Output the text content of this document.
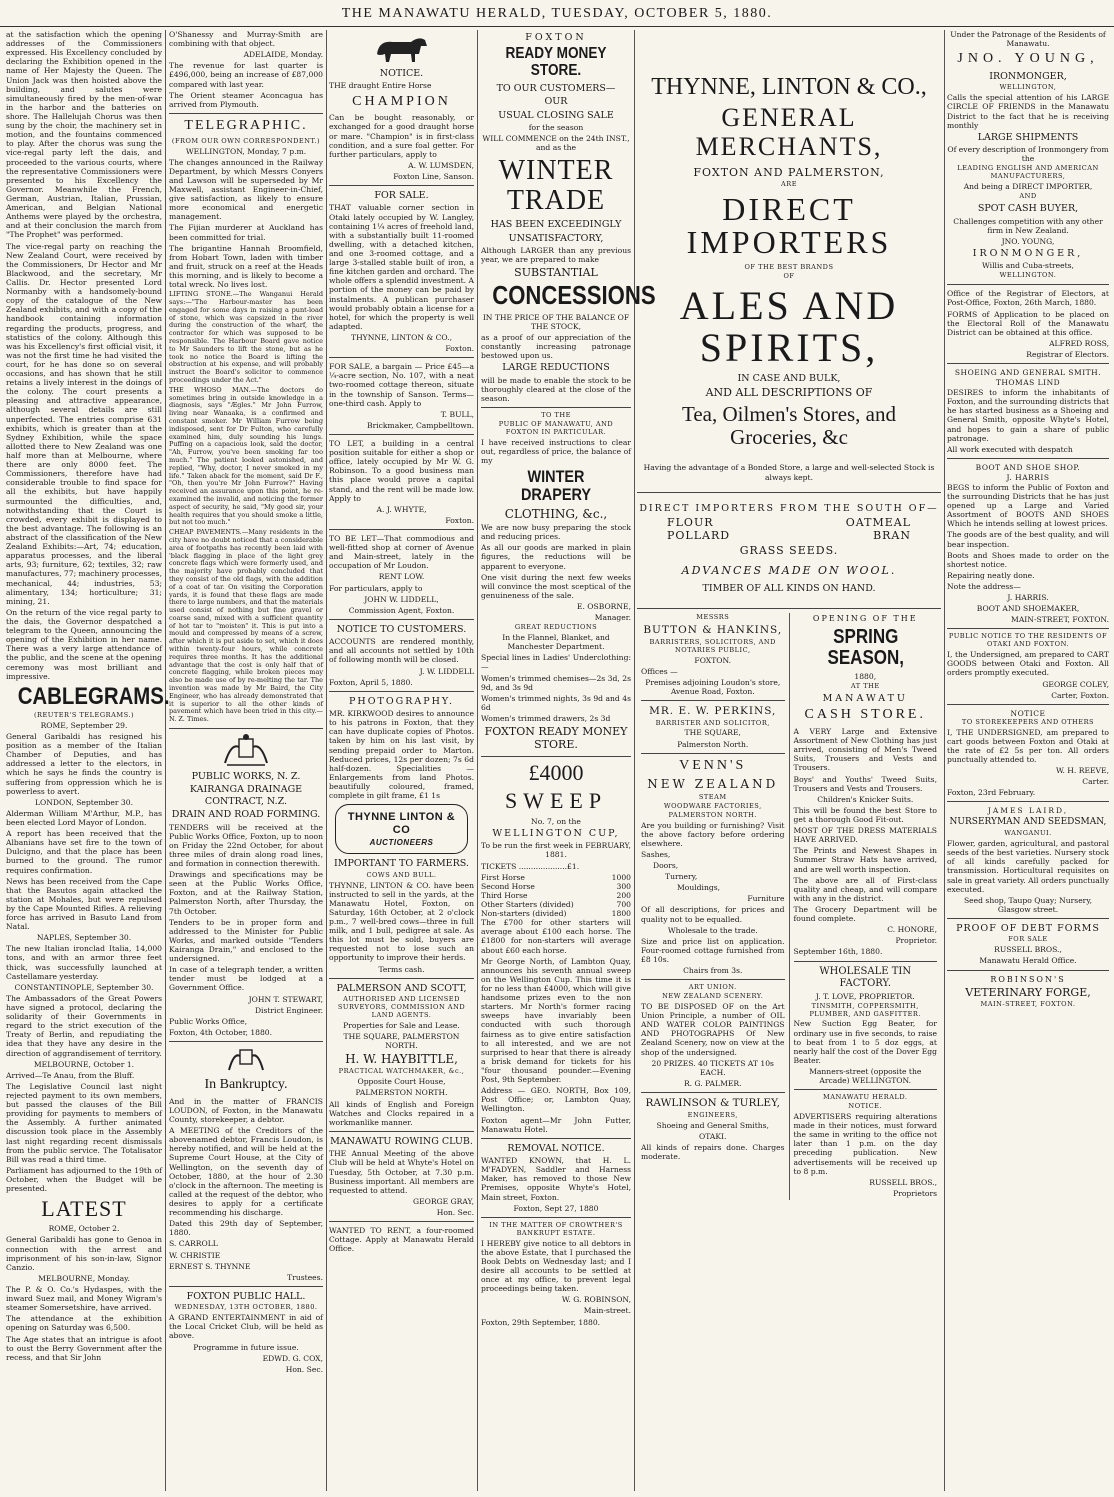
THE MANAWATU HERALD, TUESDAY, OCTOBER 5, 1880.

at the satisfaction which the opening addresses of the Commissioners expressed. His Excellency concluded by declaring the Exhibition opened in the name of Her Majesty the Queen. The Union Jack was then hoisted above the building, and salutes were simultaneously fired by the men-of-war in the harbor and the batteries on shore. The Hallelujah Chorus was then sung by the choir, the machinery set in motion, and the fountains commenced to play. After the chorus was sung the vice-regal party left the dais, and proceeded to the various courts, where the representative Commissioners were presented to his Excellency the Governor. Meanwhile the French, German, Austrian, Italian, Prussian, American, and Belgian National Anthems were played by the orchestra, and at their conclusion the march from "The Prophet" was performed.

The vice-regal party on reaching the New Zealand Court, were received by the Commissioners, Dr Hector and Mr Blackwood, and the secretary, Mr Callis. Dr. Hector presented Lord Normanby with a handsomely-bound copy of the catalogue of the New Zealand exhibits, and with a copy of the handbook containing information regarding the products, progress, and statistics of the colony. Although this was his Excellency's first official visit, it was not the first time he had visited the court, for he has done so on several occasions, and has shown that he still retains a lively interest in the doings of the colony. The court presents a pleasing and attractive appearance, although several details are still unperfected. The entries comprise 631 exhibits, which is greater than at the Sydney Exhibition, while the space allotted there to New Zealand was one half more than at Melbourne, where there are only 8000 feet. The Commissioners, therefore have had considerable trouble to find space for all the exhibits, but have happily surmounted the difficulties, and, notwithstanding that the Court is crowded, every exhibit is displayed to the best advantage. The following is an abstract of the classification of the New Zealand Exhibits:—Art, 74; education, apparatus processes, and the liberal arts, 93; furniture, 62; textiles, 32; raw manufactures, 77; machinery processes, mechanical, 44; industries, 53; alimentary, 134; horticulture; 31; mining, 21.

On the return of the vice regal party to the dais, the Governor despatched a telegram to the Queen, announcing the opening of the Exhibition in her name. There was a very large attendance of the public, and the scene at the opening ceremony was most brilliant and impressive.

CABLEGRAMS.
(REUTER'S TELEGRAMS.)

ROME, September 29.

General Garibaldi has resigned his position as a member of the Italian Chamber of Deputies, and has addressed a letter to the electors, in which he says he finds the country is suffering from oppression which he is powerless to avert.

LONDON, September 30.

Alderman William M'Arthur, M.P., has been elected Lord Mayor of London.

A report has been received that the Albanians have set fire to the town of Dulcigno, and that the place has been burned to the ground. The rumor requires confirmation.

News has been received from the Cape that the Basutos again attacked the station at Mohales, but were repulsed by the Cape Mounted Rifles. A relieving force has arrived in Basuto Land from Natal.

NAPLES, September 30.

The new Italian ironclad Italia, 14,000 tons, and with an armor three feet thick, was successfully launched at Castellamare yesterday.

CONSTANTINOPLE, September 30.

The Ambassadors of the Great Powers have signed a protocol, declaring the solidarity of their Governments in regard to the strict execution of the Treaty of Berlin, and repudiating the idea that they have any desire in the direction of aggrandisement of territory.

MELBOURNE, October 1.

Arrived—Te Anau, from the Bluff.

The Legislative Council last night rejected payment to its own members, but passed the clauses of the Bill providing for payments to members of the Assembly. A further animated discussion took place in the Assembly last night regarding recent dismissals from the public service. The Totalisator Bill was read a third time.

Parliament has adjourned to the 19th of October, when the Budget will be presented.

LATEST

ROME, October 2.

General Garibaldi has gone to Genoa in connection with the arrest and imprisonment of his son-in-law, Signor Canzio.

MELBOURNE, Monday.

The P. & O. Co.'s Hydaspes, with the inward Suez mail, and Money Wigram's steamer Somersetshire, have arrived.

The attendance at the exhibition opening on Saturday was 6,500.

The Age states that an intrigue is afoot to oust the Berry Government after the recess, and that Sir John

O'Shanessy and Murray-Smith are combining with that object.

ADELAIDE, Monday.

The revenue for last quarter is £496,000, being an increase of £87,000 compared with last year.

The Orient steamer Aconcagua has arrived from Plymouth.

TELEGRAPHIC.
(FROM OUR OWN CORRESPONDENT.)

WELLINGTON, Monday, 7 p.m.

The changes announced in the Railway Department, by which Messrs Conyers and Lawson will be superseded by Mr Maxwell, assistant Engineer-in-Chief, give satisfaction, as likely to ensure more economical and energetic management.

The Fijian murderer at Auckland has been committed for trial.

The brigantine Hannah Broomfield, from Hobart Town, laden with timber and fruit, struck on a reef at the Heads this morning, and is likely to become a total wreck. No lives lost.

LIFTING STONE.—The Wanganui Herald says:—"The Harbour-master has been engaged for some days in raising a punt-load of stone, which was capsized in the river during the construction of the wharf, the contractor for which was supposed to be responsible. The Harbour Board gave notice to Mr Saunders to lift the stone, but as he took no notice the Board is lifting the obstruction at his expense, and will probably instruct the Board's solicitor to commence proceedings under the Act."

THE WHOSO MAN.—The doctors do sometimes bring in outside knowledge in a diagnosis, says "Ægles." Mr John Furrow, living near Wanaaka, is a confirmed and constant smoker. Mr William Furrow being indisposed, sent for Dr Fulton, who carefully examined him, duly sounding his lungs. Puffing on a capacious look, said the doctor, "Ah, Furrow, you've been smoking far too much." The patient looked astonished, and replied, "Why, doctor, I never smoked in my life." Taken aback for the moment, said Dr F., "Oh, then you're Mr John Furrow?" Having received an assurance upon this point, he re-examined the invalid, and noticing the former aspect of security, he said, "My good sir, your health requires that you should smoke a little, but not too much."

CHEAP PAVEMENTS.—Many residents in the city have no doubt noticed that a considerable area of footpaths has recently been laid with 'black flagging in place of the light grey concrete flags which were formerly used, and the majority have probably concluded that they consist of the old flags, with the addition of a coat of tar. On visiting the Corporation yards, it is found that these flags are made there to large numbers, and that the materials used consist of nothing but fine gravel or coarse sand, mixed with a sufficient quantity of hot tar to "moisten" it. This is put into a mould and compressed by means of a screw, after which it is put aside to set, which it does within twenty-four hours, while concrete requires three months. It has the additional advantage that the cost is only half that of concrete flagging, while broken pieces may also be made use of by re-melting the tar. The invention was made by Mr Baird, the City Engineer, who has already demonstrated that it is superior to all the other kinds of pavement which have been tried in this city.—N. Z. Times.

PUBLIC WORKS, N. Z.
KAIRANGA DRAINAGE CONTRACT, N.Z.
DRAIN AND ROAD FORMING.

TENDERS will be received at the Public Works Office, Foxton, up to noon on Friday the 22nd October, for about three miles of drain along road lines, and formation in connection therewith.

Drawings and specifications may be seen at the Public Works Office, Foxton, and at the Railway Station, Palmerston North, after Thursday, the 7th October.

Tenders to be in proper form and addressed to the Minister for Public Works, and marked outside "Tenders Kairanga Drain," and enclosed to the undersigned.

In case of a telegraph tender, a written tender must be lodged at a Government Office.

JOHN T. STEWART,

District Engineer.

Public Works Office,

Foxton, 4th October, 1880.

In Bankruptcy.

And in the matter of FRANCIS LOUDON, of Foxton, in the Manawatu County, storekeeper, a debtor.

A MEETING of the Creditors of the abovenamed debtor, Francis Loudon, is hereby notified, and will be held at the Supreme Court House, at the City of Wellington, on the seventh day of October, 1880, at the hour of 2.30 o'clock in the afternoon. The meeting is called at the request of the debtor, who desires to apply for a certificate recommending his discharge.

Dated this 29th day of September, 1880.

S. CARROLL

W. CHRISTIE

ERNEST S. THYNNE

Trustees.

FOXTON PUBLIC HALL.
WEDNESDAY, 13TH OCTOBER, 1880.

A GRAND ENTERTAINMENT in aid of the Local Cricket Club, will be held as above.

Programme in future issue.

EDWD. G. COX,

Hon. Sec.

NOTICE.

THE draught Entire Horse

CHAMPION

Can be bought reasonably, or exchanged for a good draught horse or mare. "Champion" is in first-class condition, and a sure foal getter. For further particulars, apply to

A. W. LUMSDEN,

Foxton Line, Sanson.

FOR SALE.

THAT valuable corner section in Otaki lately occupied by W. Langley, containing 1¼ acres of freehold land, with a substantially built 11-roomed dwelling, with a detached kitchen, and one 3-roomed cottage, and a large 3-stalled stable built of iron, a fine kitchen garden and orchard. The whole offers a splendid investment. A portion of the money can be paid by instalments. A publican purchaser would probably obtain a license for a hotel, for which the property is well adapted.

THYNNE, LINTON & CO.,

Foxton.

FOR SALE, a bargain — Price £45—a ¼-acre section, No. 107, with a neat two-roomed cottage thereon, situate in the township of Sanson. Terms—one-third cash. Apply to

T. BULL,

Brickmaker, Campbelltown.

TO LET, a building in a central position suitable for either a shop or office, lately occupied by Mr W. G. Robinson. To a good business man this place would prove a capital stand, and the rent will be made low. Apply to

A. J. WHYTE,

Foxton.

TO BE LET—That commodious and well-fitted shop at corner of Avenue and Main-street, lately in the occupation of Mr Loudon.

RENT LOW.

For particulars, apply to

JOHN W. LIDDELL,

Commission Agent, Foxton.

NOTICE TO CUSTOMERS.

ACCOUNTS are rendered monthly, and all accounts not settled by 10th of following month will be closed.

J. W. LIDDELL

Foxton, April 5, 1880.

PHOTOGRAPHY.

MR. KIRKWOOD desires to announce to his patrons in Foxton, that they can have duplicate copies of Photos. taken by him on his last visit, by sending prepaid order to Marton. Reduced prices, 12s per dozen; 7s 6d half-dozen. Specialities — Enlargements from land Photos. beautifully coloured, framed, complete in gilt frame, £1 1s

THYNNE LINTON & CO
AUCTIONEERS
IMPORTANT TO FARMERS.
COWS AND BULL.

THYNNE, LINTON & CO. have been instructed to sell in the yards, at the Manawatu Hotel, Foxton, on Saturday, 16th October, at 2 o'clock p.m., 7 well-bred cows—three in full milk, and 1 bull, pedigree at sale. As this lot must be sold, buyers are requested not to lose such an opportunity to improve their herds.

Terms cash.

PALMERSON AND SCOTT,
AUTHORISED AND LICENSED SURVEYORS, COMMISSION AND LAND AGENTS.

Properties for Sale and Lease.

THE SQUARE, PALMERSTON NORTH.

H. W. HAYBITTLE,
PRACTICAL WATCHMAKER, &c.,

Opposite Court House,

PALMERSTON NORTH.

All kinds of English and Foreign Watches and Clocks repaired in a workmanlike manner.

MANAWATU ROWING CLUB.

THE Annual Meeting of the above Club will be held at Whyte's Hotel on Tuesday, 5th October, at 7.30 p.m. Business important. All members are requested to attend.

GEORGE GRAY,

Hon. Sec.

WANTED TO RENT, a four-roomed Cottage. Apply at Manawatu Herald Office.

FOXTON
READY MONEY STORE.
TO OUR CUSTOMERS—
OUR
USUAL CLOSING SALE

for the season

WILL COMMENCE on the 24th INST., and as the

WINTER TRADE
HAS BEEN EXCEEDINGLY
UNSATISFACTORY,

Although LARGER than any previous year, we are prepared to make

SUBSTANTIAL
CONCESSIONS

IN THE PRICE OF THE BALANCE OF THE STOCK,

as a proof of our appreciation of the constantly increasing patronage bestowed upon us.

LARGE REDUCTIONS

will be made to enable the stock to be thoroughly cleared at the close of the season.

TO THE
PUBLIC OF MANAWATU, AND FOXTON IN PARTICULAR.

I have received instructions to clear out, regardless of price, the balance of my

WINTER DRAPERY
CLOTHING, &c.,

We are now busy preparing the stock and reducing prices.

As all our goods are marked in plain figures, the reductions will be apparent to everyone.

One visit during the next few weeks will convince the most sceptical of the genuineness of the sale.

E. OSBORNE,

Manager.

GREAT REDUCTIONS

In the Flannel, Blanket, and Manchester Department.

Special lines in Ladies' Underclothing:—

Women's trimmed chemises—2s 3d, 2s 9d, and 3s 9d

Women's trimmed nights, 3s 9d and 4s 6d

Women's trimmed drawers, 2s 3d

FOXTON READY MONEY STORE.
£4000
SWEEP

No. 7, on the

WELLINGTON CUP,

To be run the first week in FEBRUARY, 1881.

TICKETS ....................£1.

First Horse	1000
Second Horse	300
Third Horse	200
Other Starters (divided)	700
Non-starters (divided)	1800

The £700 for other starters will average about £100 each horse. The £1800 for non-starters will average about £60 each horse.

Mr George North, of Lambton Quay, announces his seventh annual sweep on the Wellington Cup. This time it is for no less than £4000, which will give handsome prizes even to the non starters. Mr North's former racing sweeps have invariably been conducted with such thorough fairness as to give entire satisfaction to all interested, and we are not surprised to hear that there is already a brisk demand for tickets for his "four thousand pounder.—Evening Post, 9th September.

Address — GEO. NORTH, Box 109, Post Office; or, Lambton Quay, Wellington.

Foxton agent—Mr John Futter, Manawatu Hotel.

REMOVAL NOTICE.

WANTED KNOWN, that H. L. M'FADYEN, Saddler and Harness Maker, has removed to those New Premises, opposite Whyte's Hotel, Main street, Foxton.

Foxton, Sept 27, 1880

IN THE MATTER OF CROWTHER'S BANKRUPT ESTATE.

I HEREBY give notice to all debtors in the above Estate, that I purchased the Book Debts on Wednesday last; and I desire all accounts to be settled at once at my office, to prevent legal proceedings being taken.

W. G. ROBINSON,

Main-street.

Foxton, 29th September, 1880.

THYNNE, LINTON & CO.,
GENERAL MERCHANTS,
FOXTON AND PALMERSTON,
ARE
DIRECT IMPORTERS
OF THE BEST BRANDS
OF
ALES AND SPIRITS,
IN CASE AND BULK,
AND ALL DESCRIPTIONS OF
Tea, Oilmen's Stores, and Groceries, &c

Having the advantage of a Bonded Store, a large and well-selected Stock is always kept.

DIRECT IMPORTERS FROM THE SOUTH OF—
FLOUR	OATMEAL
POLLARD	BRAN
GRASS SEEDS.
ADVANCES MADE ON WOOL.
TIMBER OF ALL KINDS ON HAND.
MESSRS
BUTTON & HANKINS,
BARRISTERS, SOLICITORS, AND NOTARIES PUBLIC,

FOXTON.

Offices —

Premises adjoining Loudon's store, Avenue Road, Foxton.

MR. E. W. PERKINS,
BARRISTER AND SOLICITOR,

THE SQUARE,

Palmerston North.

VENN'S
NEW ZEALAND
STEAM
WOODWARE FACTORIES,
PALMERSTON NORTH.

Are you building or furnishing? Visit the above factory before ordering elsewhere.

Sashes,

Doors,

Turnery,

Mouldings,

Furniture

Of all descriptions, for prices and quality not to be equalled.

Wholesale to the trade.

Size and price list on application. Four-roomed cottage furnished from £8 10s.

Chairs from 3s.

ART UNION.
NEW ZEALAND SCENERY.

TO BE DISPOSED OF on the Art Union Principle, a number of OIL AND WATER COLOR PAINTINGS AND PHOTOGRAPHS Of New Zealand Scenery, now on view at the shop of the undersigned.

20 PRIZES. 40 TICKETS AT 10s EACH.

R. G. PALMER.

RAWLINSON & TURLEY,
ENGINEERS,

Shoeing and General Smiths,

OTAKI.

All kinds of repairs done. Charges moderate.

OPENING OF THE
SPRING SEASON,

1880,

AT THE
MANAWATU
CASH STORE.

A VERY Large and Extensive Assortment of New Clothing has just arrived, consisting of Men's Tweed Suits, Trousers and Vests and Trousers.

Boys' and Youths' Tweed Suits, Trousers and Vests and Trousers.

Children's Knicker Suits.

This will be found the best Store to get a thorough Good Fit-out.

MOST OF THE DRESS MATERIALS HAVE ARRIVED.

The Prints and Newest Shapes in Summer Straw Hats have arrived, and are well worth inspection.

The above are all of First-class quality and cheap, and will compare with any in the district.

The Grocery Department will be found complete.

C. HONORE,

Proprietor.

September 16th, 1880.

WHOLESALE TIN FACTORY.

J. T. LOVE, PROPRIETOR.

TINSMITH, COPPERSMITH, PLUMBER, AND GASFITTER.

New Suction Egg Beater, for ordinary use in five seconds, to raise to beat from 1 to 5 doz eggs, at nearly half the cost of the Dover Egg Beater.

Manners-street (opposite the Arcade) WELLINGTON.

MANAWATU HERALD.
NOTICE.

ADVERTISERS requiring alterations made in their notices, must forward the same in writing to the office not later than 1 p.m. on the day preceding publication. New advertisements will be received up to 8 p.m.

RUSSELL BROS.,

Proprietors

Under the Patronage of the Residents of Manawatu.

JNO. YOUNG,
IRONMONGER,
WELLINGTON,

Calls the special attention of his LARGE CIRCLE OF FRIENDS in the Manawatu District to the fact that he is receiving monthly

LARGE SHIPMENTS

Of every description of Ironmongery from the

LEADING ENGLISH AND AMERICAN MANUFACTURERS,

And being a DIRECT IMPORTER,

AND
SPOT CASH BUYER,

Challenges competition with any other firm in New Zealand.

JNO. YOUNG,

IRONMONGER,

Willis and Cuba-streets,

WELLINGTON.

Office of the Registrar of Electors, at Post-Office, Foxton, 26th March, 1880.

FORMS of Application to be placed on the Electoral Roll of the Manawatu District can be obtained at this office.

ALFRED ROSS,

Registrar of Electors.

SHOEING AND GENERAL SMITH.
THOMAS LIND

DESIRES to inform the inhabitants of Foxton, and the surrounding districts that he has started business as a Shoeing and General Smith, opposite Whyte's Hotel, and hopes to gain a share of public patronage.

All work executed with despatch

BOOT AND SHOE SHOP.
J. HARRIS

BEGS to inform the Public of Foxton and the surrounding Districts that he has just opened up a Large and Varied Assortment of BOOTS AND SHOES Which he intends selling at lowest prices.

The goods are of the best quality, and will bear inspection.

Boots and Shoes made to order on the shortest notice.

Repairing neatly done.

Note the address—

J. HARRIS.

BOOT AND SHOEMAKER,

MAIN-STREET, FOXTON.

PUBLIC NOTICE TO THE RESIDENTS OF OTAKI AND FOXTON.

I, the Undersigned, am prepared to CART GOODS between Otaki and Foxton. All orders promptly executed.

GEORGE COLEY,

Carter, Foxton.

NOTICE
TO STOREKEEPERS AND OTHERS

I, THE UNDERSIGNED, am prepared to cart goods between Foxton and Otaki at the rate of £2 5s per ton. All orders punctually attended to.

W. H. REEVE,

Carter.

Foxton, 23rd February.

JAMES LAIRD,
NURSERYMAN AND SEEDSMAN,
WANGANUI.

Flower, garden, agricultural, and pastoral seeds of the best varieties. Nursery stock of all kinds carefully packed for transmission. Horticultural requisites on sale in great variety. All orders punctually executed.

Seed shop, Taupo Quay; Nursery, Glasgow street.

PROOF OF DEBT FORMS
FOR SALE

RUSSELL BROS.,

Manawatu Herald Office.

ROBINSON'S
VETERINARY FORGE,
MAIN-STREET, FOXTON.
